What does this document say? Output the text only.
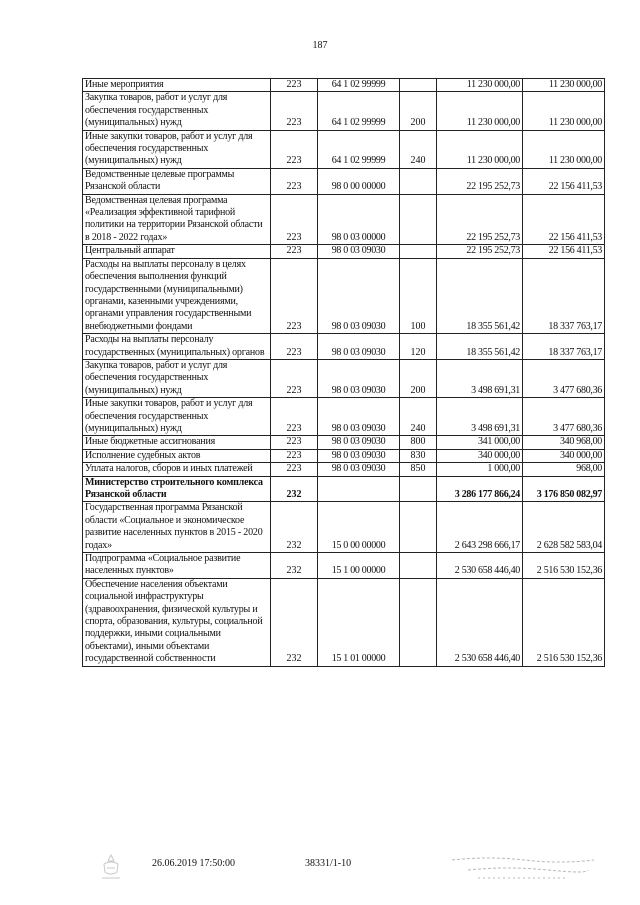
187
Иные мероприятия	223	64 1 02 99999		11 230 000,00	11 230 000,00
Закупка товаров, работ и услуг для обеспечения государственных (муниципальных) нужд	223	64 1 02 99999	200	11 230 000,00	11 230 000,00
Иные закупки товаров, работ и услуг для обеспечения государственных (муниципальных) нужд	223	64 1 02 99999	240	11 230 000,00	11 230 000,00
Ведомственные целевые программы Рязанской области	223	98 0 00 00000		22 195 252,73	22 156 411,53
Ведомственная целевая программа «Реализация эффективной тарифной политики на территории Рязанской области в 2018 - 2022 годах»	223	98 0 03 00000		22 195 252,73	22 156 411,53
Центральный аппарат	223	98 0 03 09030		22 195 252,73	22 156 411,53
Расходы на выплаты персоналу в целях обеспечения выполнения функций государственными (муниципальными) органами, казенными учреждениями, органами управления государственными внебюджетными фондами	223	98 0 03 09030	100	18 355 561,42	18 337 763,17
Расходы на выплаты персоналу государственных (муниципальных) органов	223	98 0 03 09030	120	18 355 561,42	18 337 763,17
Закупка товаров, работ и услуг для обеспечения государственных (муниципальных) нужд	223	98 0 03 09030	200	3 498 691,31	3 477 680,36
Иные закупки товаров, работ и услуг для обеспечения государственных (муниципальных) нужд	223	98 0 03 09030	240	3 498 691,31	3 477 680,36
Иные бюджетные ассигнования	223	98 0 03 09030	800	341 000,00	340 968,00
Исполнение судебных актов	223	98 0 03 09030	830	340 000,00	340 000,00
Уплата налогов, сборов и иных платежей	223	98 0 03 09030	850	1 000,00	968,00
Министерство строительного комплекса Рязанской области	232			3 286 177 866,24	3 176 850 082,97
Государственная программа Рязанской области «Социальное и экономическое развитие населенных пунктов в 2015 - 2020 годах»	232	15 0 00 00000		2 643 298 666,17	2 628 582 583,04
Подпрограмма «Социальное развитие населенных пунктов»	232	15 1 00 00000		2 530 658 446,40	2 516 530 152,36
Обеспечение населения объектами социальной инфраструктуры (здравоохранения, физической культуры и спорта, образования, культуры, социальной поддержки, иными социальными объектами), иными объектами государственной собственности	232	15 1 01 00000		2 530 658 446,40	2 516 530 152,36
26.06.2019 17:50:00	38331/1-10
